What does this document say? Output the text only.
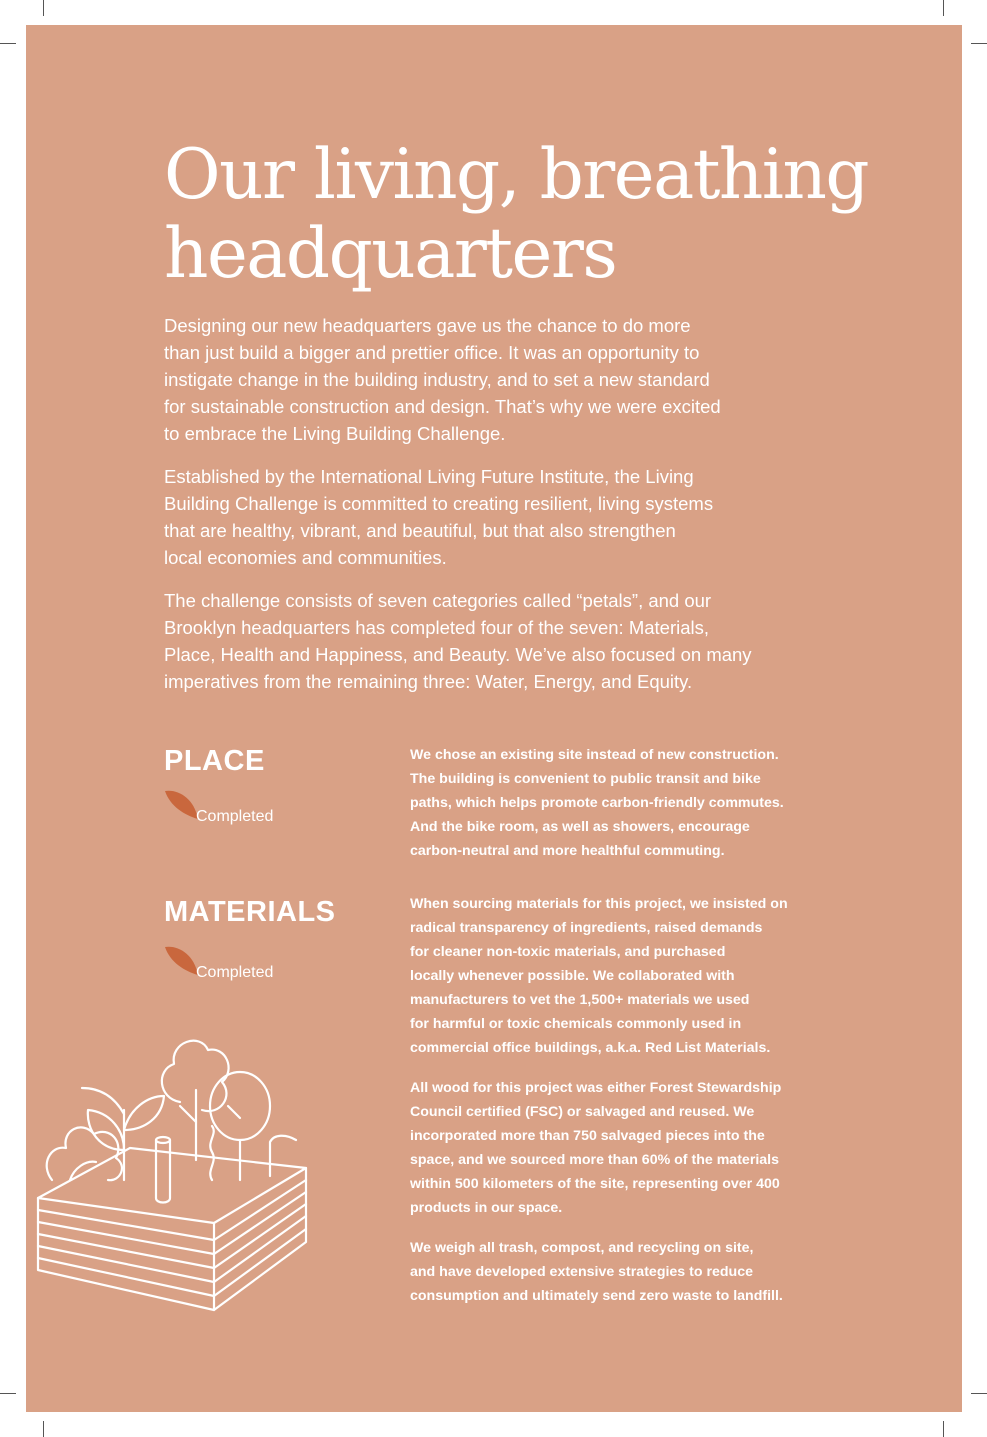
Our living, breathing
headquarters

Designing our new headquarters gave us the chance to do more
than just build a bigger and prettier office. It was an opportunity to
instigate change in the building industry, and to set a new standard
for sustainable construction and design. That’s why we were excited
to embrace the Living Building Challenge.

Established by the International Living Future Institute, the Living
Building Challenge is committed to creating resilient, living systems
that are healthy, vibrant, and beautiful, but that also strengthen
local economies and communities.

The challenge consists of seven categories called “petals”, and our
Brooklyn headquarters has completed four of the seven: Materials,
Place, Health and Happiness, and Beauty. We’ve also focused on many
imperatives from the remaining three: Water, Energy, and Equity.

PLACE
Completed

We chose an existing site instead of new construction.
The building is convenient to public transit and bike
paths, which helps promote carbon-friendly commutes.
And the bike room, as well as showers, encourage
carbon-neutral and more healthful commuting.

MATERIALS
Completed

When sourcing materials for this project, we insisted on
radical transparency of ingredients, raised demands
for cleaner non-toxic materials, and purchased
locally whenever possible. We collaborated with
manufacturers to vet the 1,500+ materials we used
for harmful or toxic chemicals commonly used in
commercial office buildings, a.k.a. Red List Materials.

All wood for this project was either Forest Stewardship
Council certified (FSC) or salvaged and reused. We
incorporated more than 750 salvaged pieces into the
space, and we sourced more than 60% of the materials
within 500 kilometers of the site, representing over 400
products in our space.

We weigh all trash, compost, and recycling on site,
and have developed extensive strategies to reduce
consumption and ultimately send zero waste to landfill.
